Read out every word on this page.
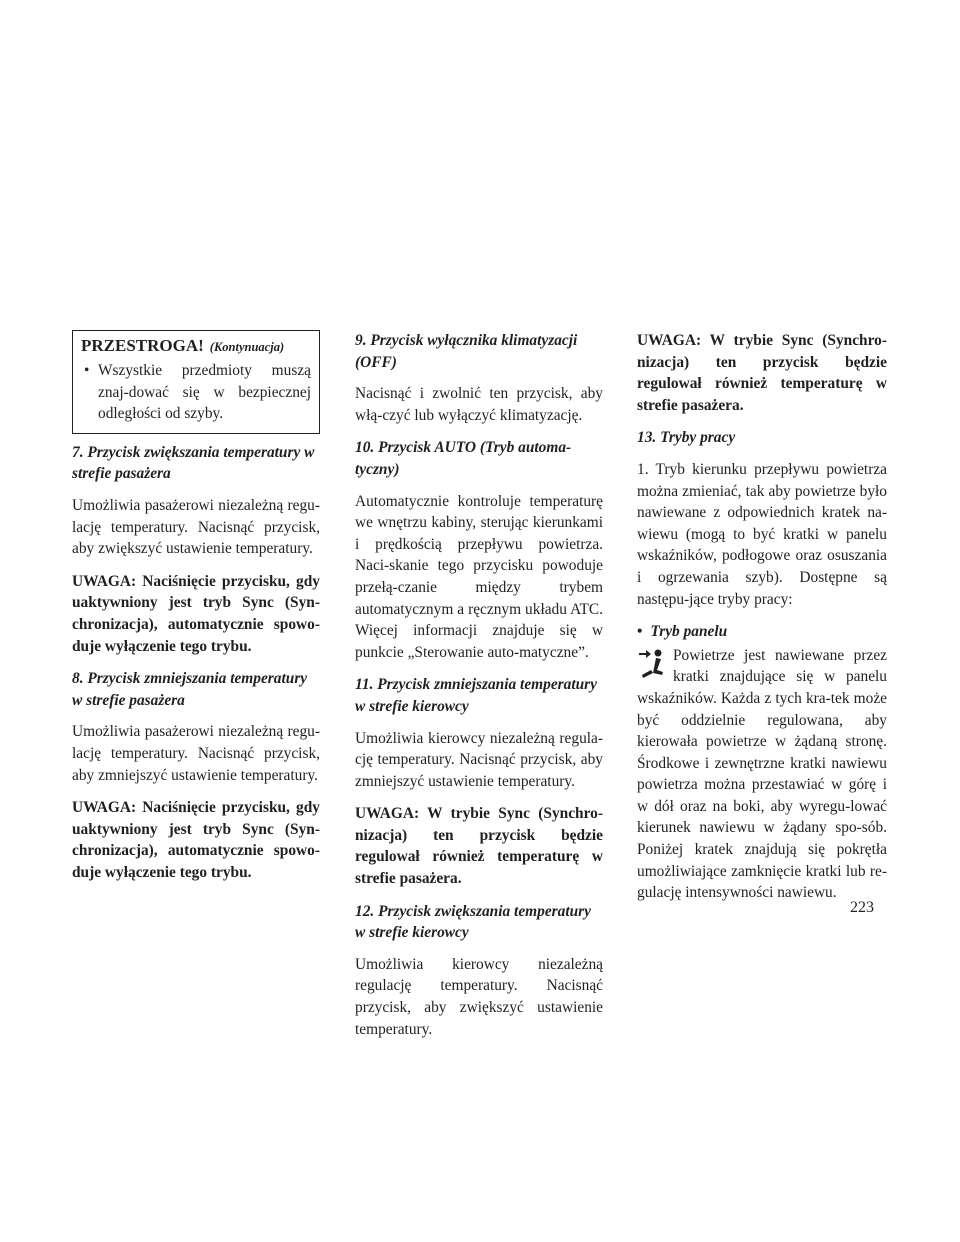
PRZESTROGA! (Kontynuacja)
• Wszystkie przedmioty muszą znaj-dować się w bezpiecznej odległości od szyby.

7. Przycisk zwiększania temperatury w strefie pasażera

Umożliwia pasażerowi niezależną regu-lację temperatury. Nacisnąć przycisk, aby zwiększyć ustawienie temperatury.

UWAGA: Naciśnięcie przycisku, gdy uaktywniony jest tryb Sync (Syn-chronizacja), automatycznie spowo-duje wyłączenie tego trybu.

8. Przycisk zmniejszania temperatury w strefie pasażera

Umożliwia pasażerowi niezależną regu-lację temperatury. Nacisnąć przycisk, aby zmniejszyć ustawienie temperatury.

UWAGA: Naciśnięcie przycisku, gdy uaktywniony jest tryb Sync (Syn-chronizacja), automatycznie spowo-duje wyłączenie tego trybu.

9. Przycisk wyłącznika klimatyzacji (OFF)

Nacisnąć i zwolnić ten przycisk, aby włą-czyć lub wyłączyć klimatyzację.

10. Przycisk AUTO (Tryb automa-tyczny)

Automatycznie kontroluje temperaturę we wnętrzu kabiny, sterując kierunkami i prędkością przepływu powietrza. Naci-skanie tego przycisku powoduje przełą-czanie między trybem automatycznym a ręcznym układu ATC. Więcej informacji znajduje się w punkcie „Sterowanie auto-matyczne”.

11. Przycisk zmniejszania temperatury w strefie kierowcy

Umożliwia kierowcy niezależną regula-cję temperatury. Nacisnąć przycisk, aby zmniejszyć ustawienie temperatury.

UWAGA: W trybie Sync (Synchro-nizacja) ten przycisk będzie regulował również temperaturę w strefie pasażera.

12. Przycisk zwiększania temperatury w strefie kierowcy

Umożliwia kierowcy niezależną regulację temperatury. Nacisnąć przycisk, aby zwiększyć ustawienie temperatury.

UWAGA: W trybie Sync (Synchro-nizacja) ten przycisk będzie regulował również temperaturę w strefie pasażera.

13. Tryby pracy

1. Tryb kierunku przepływu powietrza można zmieniać, tak aby powietrze było nawiewane z odpowiednich kratek na-wiewu (mogą to być kratki w panelu wskaźników, podłogowe oraz osuszania i ogrzewania szyb). Dostępne są następu-jące tryby pracy:

• Tryb panelu

Powietrze jest nawiewane przez kratki znajdujące się w panelu wskaźników. Każda z tych kra-tek może być oddzielnie regulowana, aby kierowała powietrze w żądaną stronę. Środkowe i zewnętrzne kratki nawiewu powietrza można przestawiać w górę i w dół oraz na boki, aby wyregu-lować kierunek nawiewu w żądany spo-sób. Poniżej kratek znajdują się pokrętła umożliwiające zamknięcie kratki lub re-gulację intensywności nawiewu.

223
